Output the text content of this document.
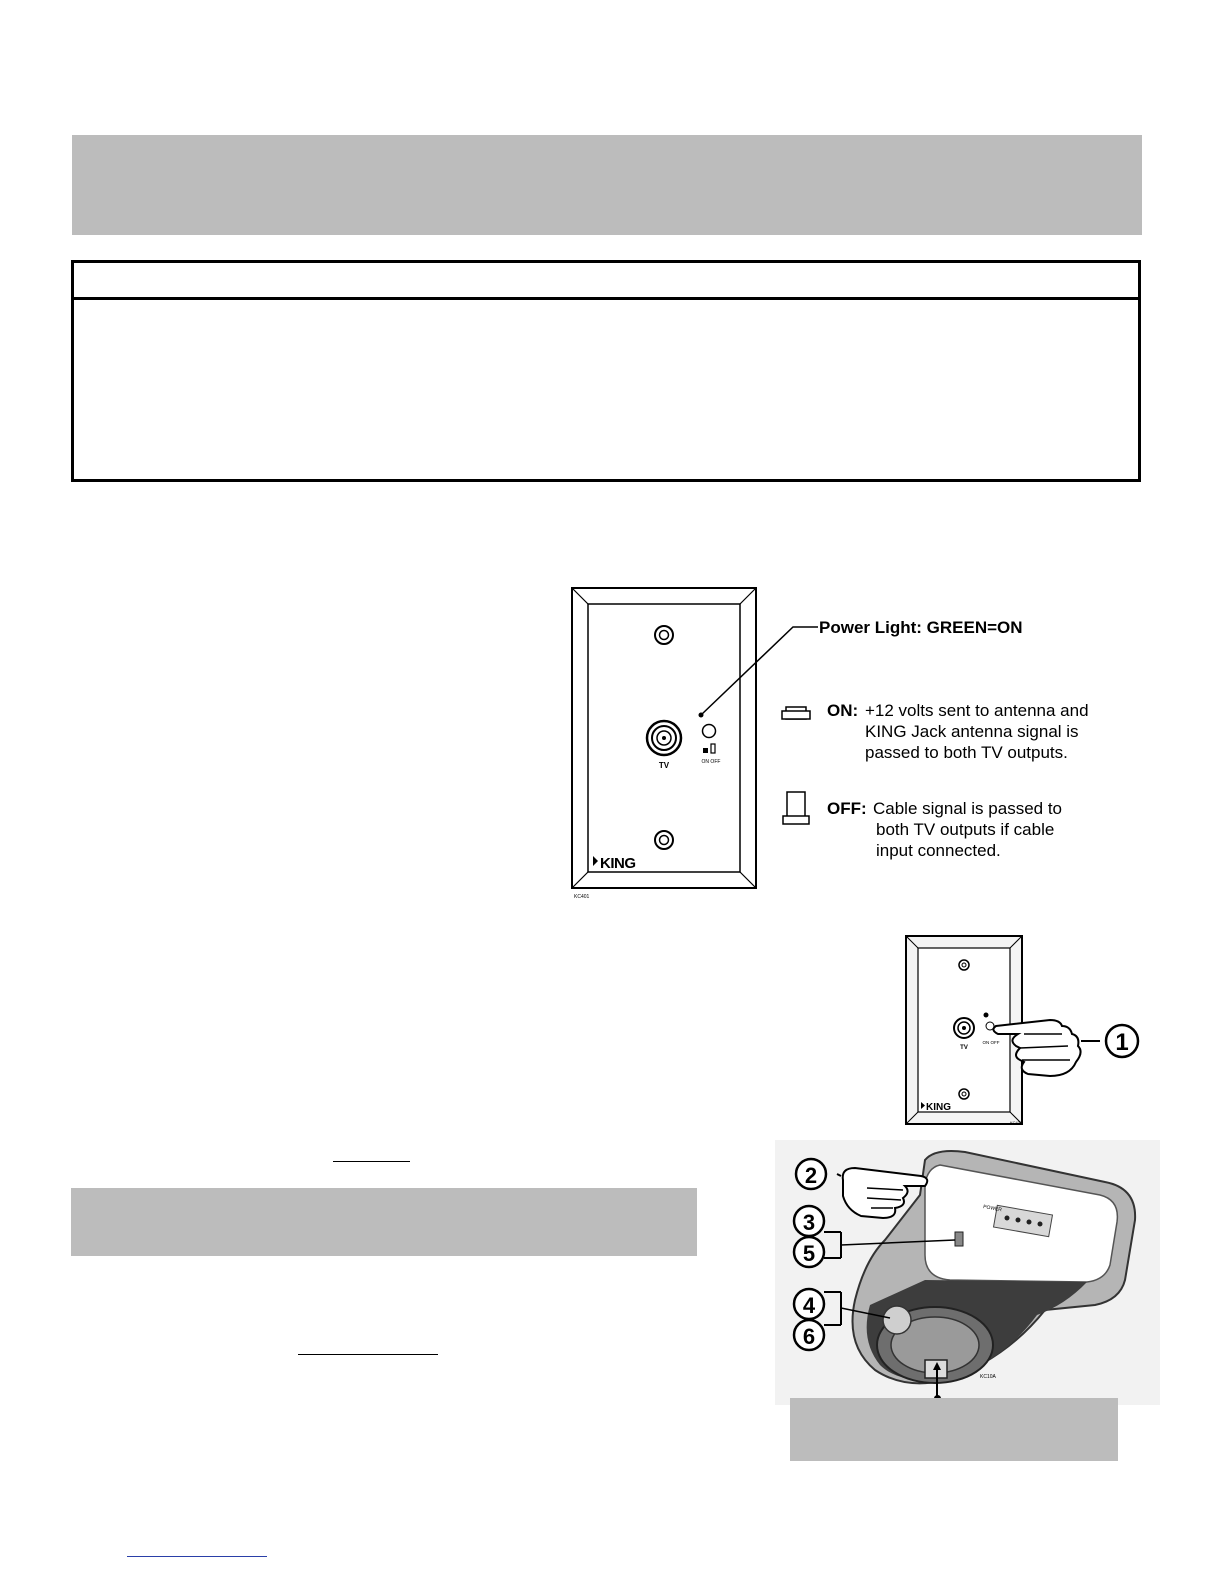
TV	ON OFF
KING
KC401
Power Light: GREEN=ON
ON: +12 volts sent to antenna and
KING Jack antenna signal is
passed to both TV outputs.
OFF: Cable signal is passed to
both TV outputs if cable
input connected.
TV
ON OFF
KING
KC437
1
POWER
KC10A
2
3
5
4
6
